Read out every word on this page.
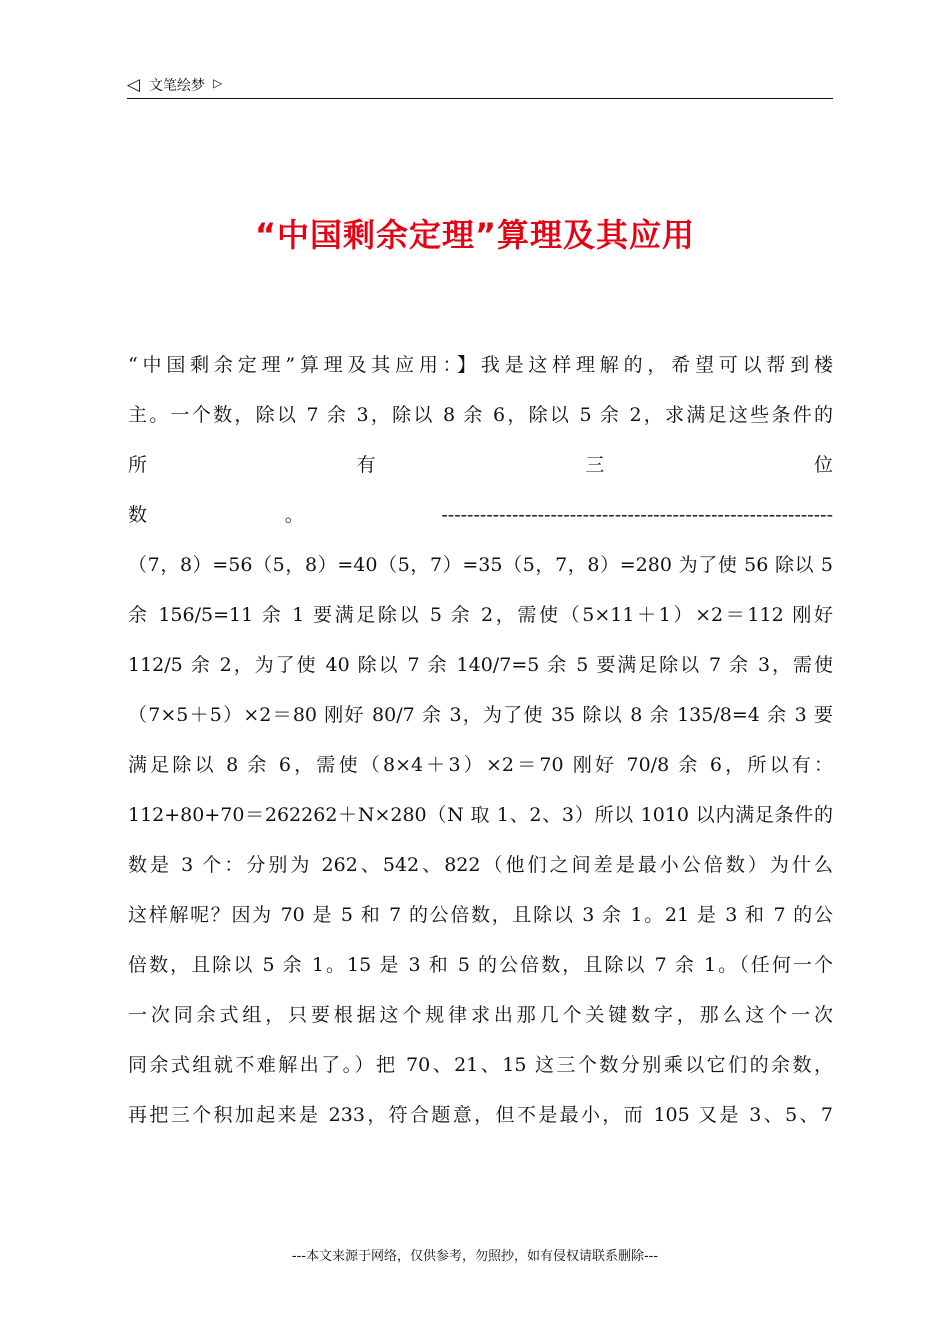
◁ 文笔绘梦 ▷
“中国剩余定理”算理及其应用
“中国剩余定理”算理及其应用：】我是这样理解的，希望可以帮到楼
主。一个数，除以 7 余 3，除以 8 余 6，除以 5 余 2，求满足这些条件的
所 有 三 位
数 。 -------------------------------------------------------------
（7，8）=56（5，8）=40（5，7）=35（5，7，8）=280 为了使 56 除以 5
余 156/5=11 余 1 要满足除以 5 余 2，需使（5×11＋1）×2＝112 刚好
112/5 余 2，为了使 40 除以 7 余 140/7=5 余 5 要满足除以 7 余 3，需使
（7×5＋5）×2＝80 刚好 80/7 余 3，为了使 35 除以 8 余 135/8=4 余 3 要
满足除以 8 余 6，需使（8×4＋3）×2＝70 刚好 70/8 余 6，所以有：
112+80+70＝262262＋N×280（N 取 1、2、3）所以 1010 以内满足条件的
数是 3 个：分别为 262、542、822（他们之间差是最小公倍数）为什么
这样解呢？因为 70 是 5 和 7 的公倍数，且除以 3 余 1。21 是 3 和 7 的公
倍数，且除以 5 余 1。15 是 3 和 5 的公倍数，且除以 7 余 1。（任何一个
一次同余式组，只要根据这个规律求出那几个关键数字，那么这个一次
同余式组就不难解出了。）把 70、21、15 这三个数分别乘以它们的余数，
再把三个积加起来是 233，符合题意，但不是最小，而 105 又是 3、5、7
---本文来源于网络，仅供参考，勿照抄，如有侵权请联系删除---
